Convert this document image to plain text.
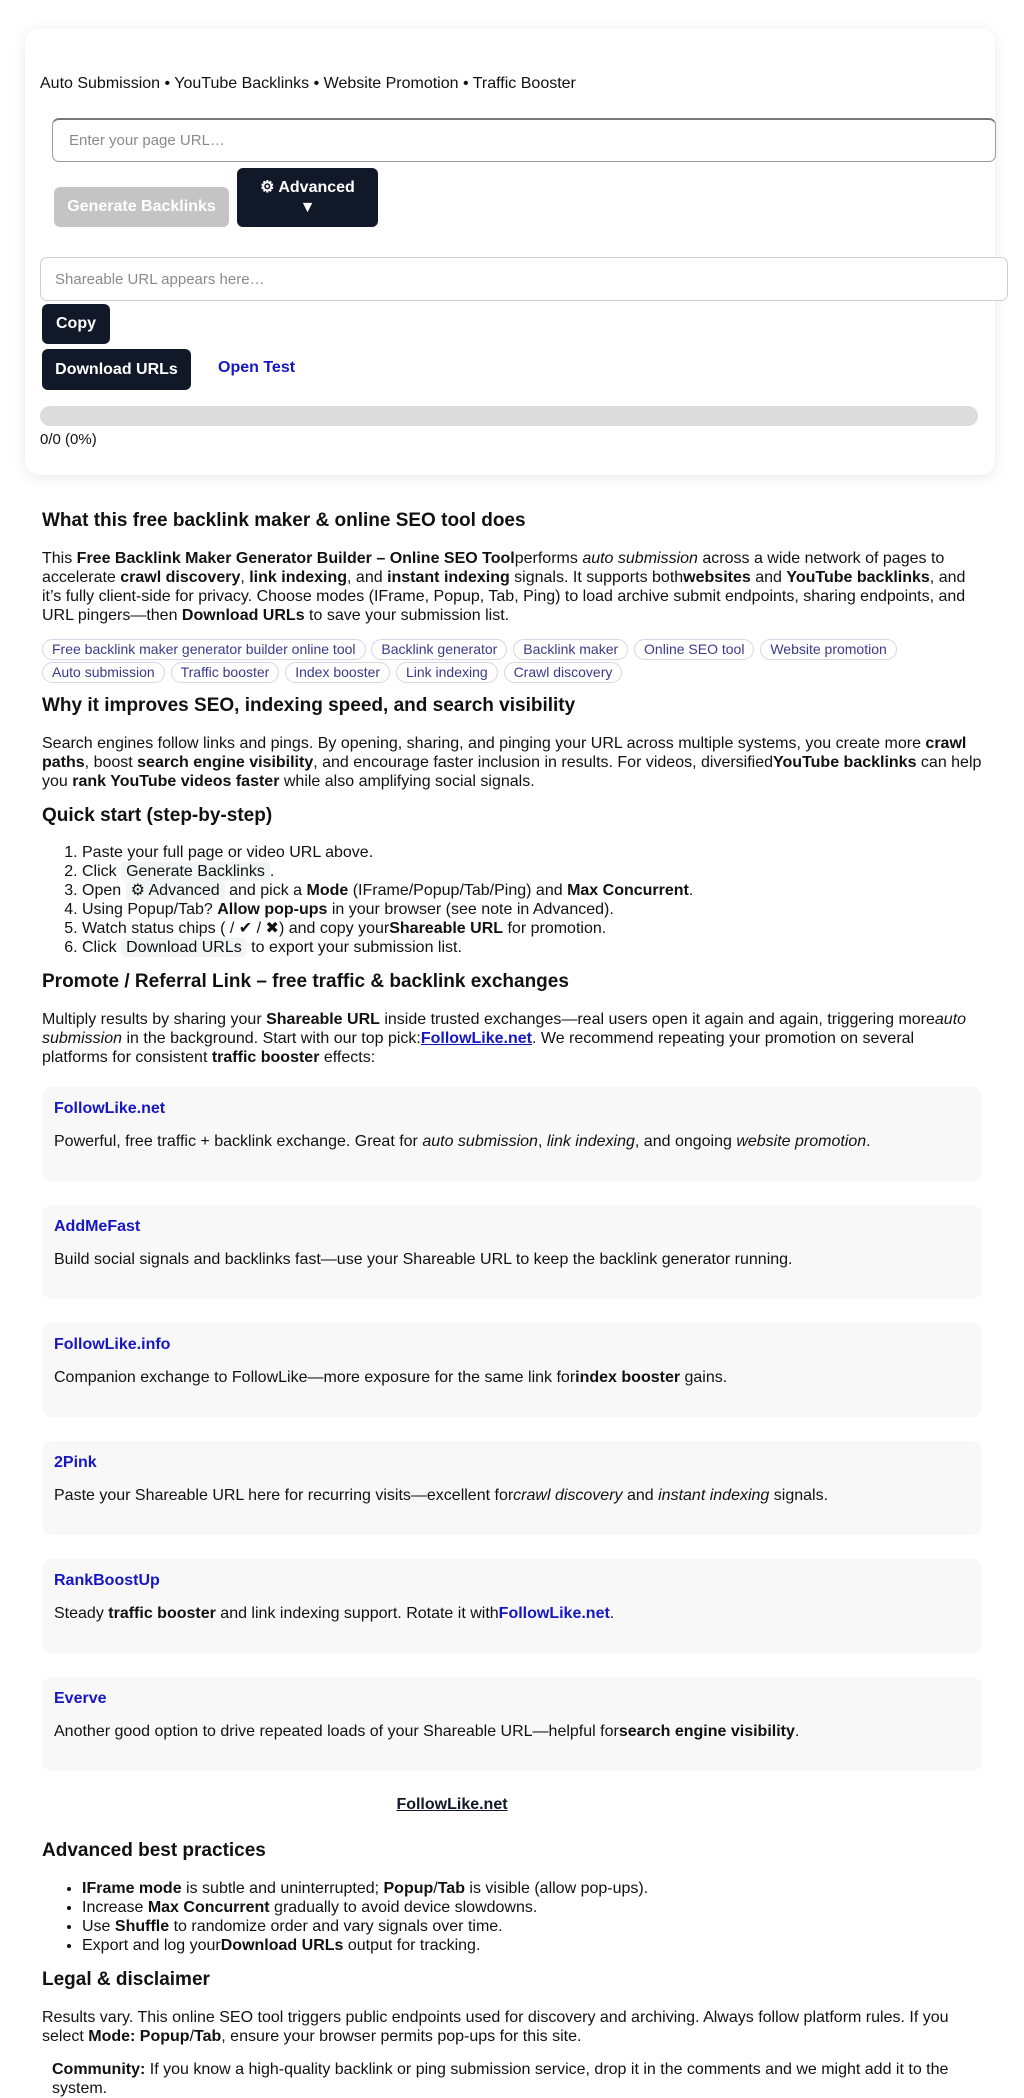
Auto Submission • YouTube Backlinks • Website Promotion • Traffic Booster
Enter your page URL…
Generate Backlinks
⚙ Advanced
▼
Shareable URL appears here…
Copy
Download URLs	Open Test
0/0 (0%)
What this free backlink maker & online SEO tool does

This Free Backlink Maker Generator Builder – Online SEO Toolperforms auto submission across a wide network of pages to accelerate crawl discovery, link indexing, and instant indexing signals. It supports bothwebsites and YouTube backlinks, and it’s fully client-side for privacy. Choose modes (IFrame, Popup, Tab, Ping) to load archive submit endpoints, sharing endpoints, and URL pingers—then Download URLs to save your submission list.

Free backlink maker generator builder online tool Backlink generator Backlink maker Online SEO tool Website promotion Auto submission Traffic booster Index booster Link indexing Crawl discovery
Why it improves SEO, indexing speed, and search visibility

Search engines follow links and pings. By opening, sharing, and pinging your URL across multiple systems, you create more crawl paths, boost search engine visibility, and encourage faster inclusion in results. For videos, diversifiedYouTube backlinks can help you rank YouTube videos faster while also amplifying social signals.

Quick start (step-by-step)
1. Paste your full page or video URL above.
2. Click Generate Backlinks .
3. Open ⚙ Advanced and pick a Mode (IFrame/Popup/Tab/Ping) and Max Concurrent.
4. Using Popup/Tab? Allow pop-ups in your browser (see note in Advanced).
5. Watch status chips ( / ✔ / ✖) and copy yourShareable URL for promotion.
6. Click Download URLs to export your submission list.
Promote / Referral Link – free traffic & backlink exchanges

Multiply results by sharing your Shareable URL inside trusted exchanges—real users open it again and again, triggering moreauto submission in the background. Start with our top pick:FollowLike.net. We recommend repeating your promotion on several platforms for consistent traffic booster effects:

FollowLike.net

Powerful, free traffic + backlink exchange. Great for auto submission, link indexing, and ongoing website promotion.

AddMeFast

Build social signals and backlinks fast—use your Shareable URL to keep the backlink generator running.

FollowLike.info

Companion exchange to FollowLike—more exposure for the same link forindex booster gains.

2Pink

Paste your Shareable URL here for recurring visits—excellent forcrawl discovery and instant indexing signals.

RankBoostUp

Steady traffic booster and link indexing support. Rotate it withFollowLike.net.

Everve

Another good option to drive repeated loads of your Shareable URL—helpful forsearch engine visibility.

FollowLike.net
Advanced best practices
• IFrame mode is subtle and uninterrupted; Popup/Tab is visible (allow pop-ups).
• Increase Max Concurrent gradually to avoid device slowdowns.
• Use Shuffle to randomize order and vary signals over time.
• Export and log yourDownload URLs output for tracking.
Legal & disclaimer

Results vary. This online SEO tool triggers public endpoints used for discovery and archiving. Always follow platform rules. If you select Mode: Popup/Tab, ensure your browser permits pop-ups for this site.

Community: If you know a high-quality backlink or ping submission service, drop it in the comments and we might add it to the system.
